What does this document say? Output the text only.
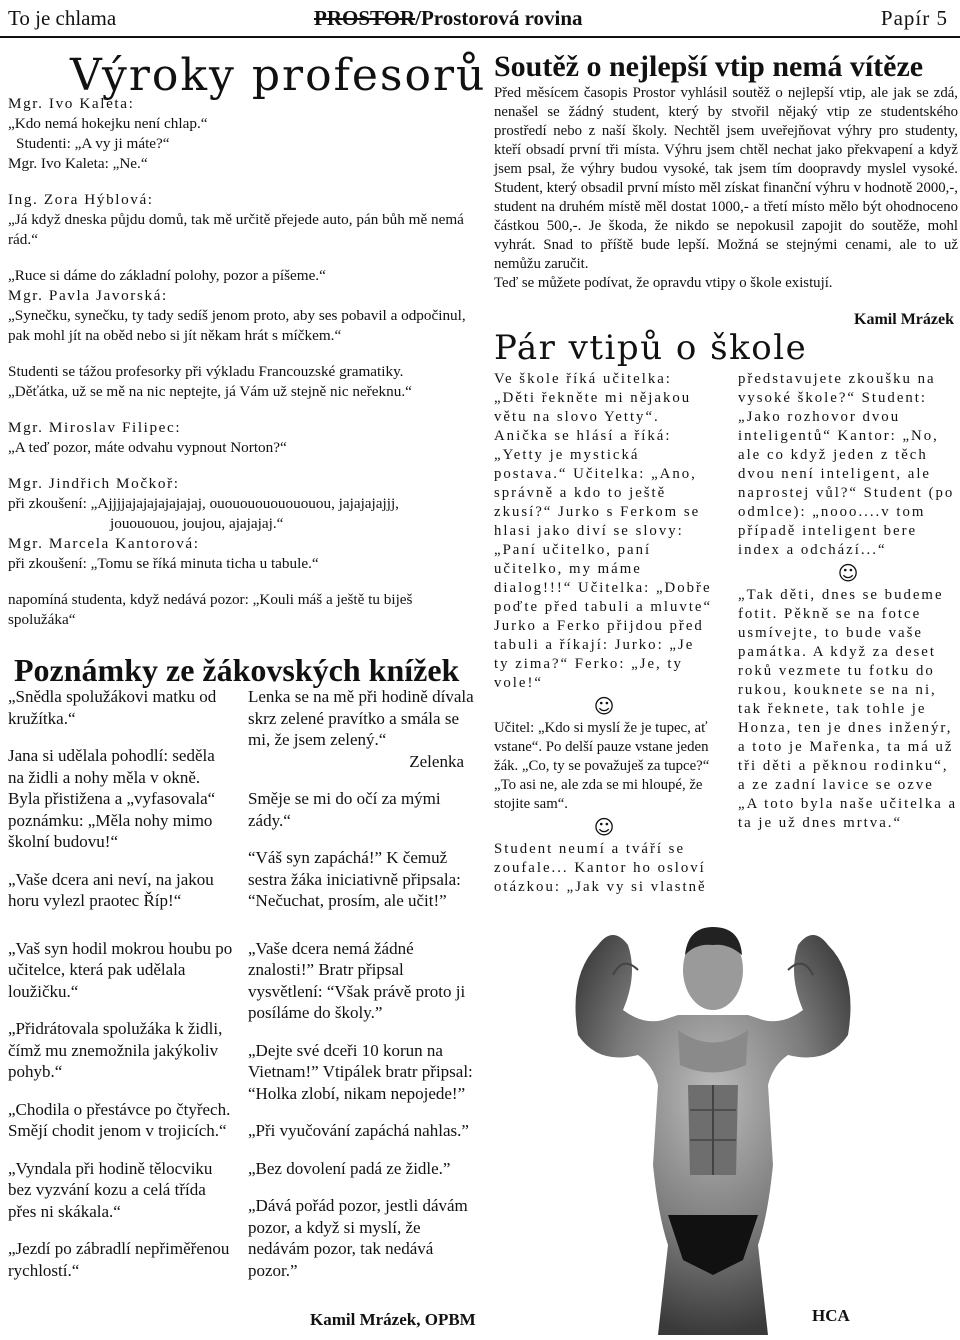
To je chlama	PROSTOR/Prostorová rovina	Papír 5
Výroky profesorů

Mgr. Ivo Kaleta:

„Kdo nemá hokejku není chlap.“

Studenti: „A vy ji máte?“

Mgr. Ivo Kaleta: „Ne.“

Ing. Zora Hýblová:

„Já když dneska půjdu domů, tak mě určitě přejede auto, pán bůh mě nemá rád.“

„Ruce si dáme do základní polohy, pozor a píšeme.“

Mgr. Pavla Javorská:

„Synečku, synečku, ty tady sedíš jenom proto, aby ses pobavil a odpočinul, pak mohl jít na oběd nebo si jít někam hrát s míčkem.“

Studenti se tážou profesorky při výkladu Francouzské gramatiky.

„Děťátka, už se mě na nic neptejte, já Vám už stejně nic neřeknu.“

Mgr. Miroslav Filipec:

„A teď pozor, máte odvahu vypnout Norton?“

Mgr. Jindřich Močkoř:

při zkoušení: „Ajjjjajajajajajajaj, ouououououououou, jajajajajjj,

jouououou, joujou, ajajajaj.“

Mgr. Marcela Kantorová:

při zkoušení: „Tomu se říká minuta ticha u tabule.“

napomíná studenta, když nedává pozor: „Kouli máš a ještě tu biješ spolužáka“

Poznámky ze žákovských knížek

„Snědla spolužákovi matku od kružítka.“

Jana si udělala pohodlí: seděla na židli a nohy měla v okně. Byla přistižena a „vyfasovala“ poznámku: „Měla nohy mimo školní budovu!“

„Vaše dcera ani neví, na jakou horu vylezl praotec Říp!“

„Vaš syn hodil mokrou houbu po učitelce, která pak udělala loužičku.“

„Přidrátovala spolužáka k židli, čímž mu znemožnila jakýkoliv pohyb.“

„Chodila o přestávce po čtyřech. Smějí chodit jenom v trojicích.“

„Vyndala při hodině tělocviku bez vyzvání kozu a celá třída přes ni skákala.“

„Jezdí po zábradlí nepřiměřenou rychlostí.“

Lenka se na mě při hodině dívala skrz zelené pravítko a smála se mi, že jsem zelený.“

Zelenka

Směje se mi do očí za mými zády.“

“Váš syn zapáchá!” K čemuž sestra žáka iniciativně připsala: “Nečuchat, prosím, ale učit!”

„Vaše dcera nemá žádné znalosti!” Bratr připsal vysvětlení: “Však právě proto ji posíláme do školy.”

„Dejte své dceři 10 korun na Vietnam!” Vtipálek bratr připsal: “Holka zlobí, nikam nepojede!”

„Při vyučování zapáchá nahlas.”

„Bez dovolení padá ze židle.”

„Dává pořád pozor, jestli dávám pozor, a když si myslí, že nedávám pozor, tak nedává pozor.”

Kamil Mrázek, OPBM
Soutěž o nejlepší vtip nemá vítěze

Před měsícem časopis Prostor vyhlásil soutěž o nejlepší vtip, ale jak se zdá, nenašel se žádný student, který by stvořil nějaký vtip ze studentského prostředí nebo z naší školy. Nechtěl jsem uveřejňovat výhry pro studenty, kteří obsadí první tři místa. Výhru jsem chtěl nechat jako překvapení a když jsem psal, že výhry budou vysoké, tak jsem tím doopravdy myslel vysoké. Student, který obsadil první místo měl získat finanční výhru v hodnotě 2000,-, student na druhém místě měl dostat 1000,- a třetí místo mělo být ohodnoceno částkou 500,-. Je škoda, že nikdo se nepokusil zapojit do soutěže, mohl vyhrát. Snad to příště bude lepší. Možná se stejnými cenami, ale to už nemůžu zaručit.

Teď se můžete podívat, že opravdu vtipy o škole existují.

Kamil Mrázek
Pár vtipů o škole

Ve škole říká učitelka: „Děti řekněte mi nějakou větu na slovo Yetty“. Anička se hlásí a říká: „Yetty je mystická postava.“ Učitelka: „Ano, správně a kdo to ještě zkusí?“ Jurko s Ferkom se hlasi jako diví se slovy: „Paní učitelko, paní učitelko, my máme dialog!!!“ Učitelka: „Dobře poďte před tabuli a mluvte“ Jurko a Ferko přijdou před tabuli a říkají: Jurko: „Je ty zima?“ Ferko: „Je, ty vole!“

☺

Učitel: „Kdo si myslí že je tupec, ať vstane“. Po delší pauze vstane jeden žák. „Co, ty se považuješ za tupce?“ „To asi ne, ale zda se mi hloupé, že stojite sam“.

☺

Student neumí a tváří se zoufale... Kantor ho osloví otázkou: „Jak vy si vlastně

představujete zkoušku na vysoké škole?“ Student: „Jako rozhovor dvou inteligentů“ Kantor: „No, ale co když jeden z těch dvou není inteligent, ale naprostej vůl?“ Student (po odmlce): „nooo....v tom případě inteligent bere index a odchází...“

☺

„Tak děti, dnes se budeme fotit. Pěkně se na fotce usmívejte, to bude vaše památka. A když za deset roků vezmete tu fotku do rukou, kouknete se na ni, tak řeknete, tak tohle je Honza, ten je dnes inženýr, a toto je Mařenka, ta má už tři děti a pěknou rodinku“, a ze zadní lavice se ozve „A toto byla naše učitelka a ta je už dnes mrtva.“

HCA
